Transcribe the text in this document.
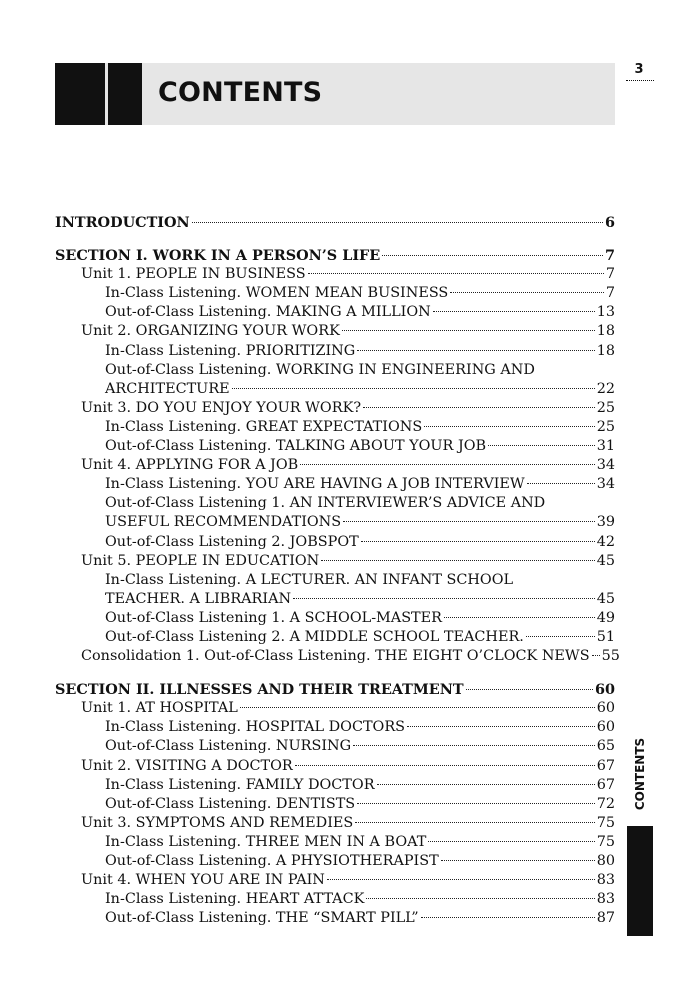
CONTENTS
3
CONTENTS
INTRODUCTION	6
SECTION I. WORK IN A PERSON’S LIFE	7
Unit 1. PEOPLE IN BUSINESS	7
In-Class Listening. WOMEN MEAN BUSINESS	7
Out-of-Class Listening. MAKING A MILLION	13
Unit 2. ORGANIZING YOUR WORK	18
In-Class Listening. PRIORITIZING	18
Out-of-Class Listening. WORKING IN ENGINEERING AND
ARCHITECTURE	22
Unit 3. DO YOU ENJOY YOUR WORK?	25
In-Class Listening. GREAT EXPECTATIONS	25
Out-of-Class Listening. TALKING ABOUT YOUR JOB	31
Unit 4. APPLYING FOR A JOB	34
In-Class Listening. YOU ARE HAVING A JOB INTERVIEW	34
Out-of-Class Listening 1. AN INTERVIEWER’S ADVICE AND
USEFUL RECOMMENDATIONS	39
Out-of-Class Listening 2. JOBSPOT	42
Unit 5. PEOPLE IN EDUCATION	45
In-Class Listening. A LECTURER. AN INFANT SCHOOL
TEACHER. A LIBRARIAN	45
Out-of-Class Listening 1. A SCHOOL-MASTER	49
Out-of-Class Listening 2. A MIDDLE SCHOOL TEACHER.	51
Consolidation 1. Out-of-Class Listening. THE EIGHT O’CLOCK NEWS 55
SECTION II. ILLNESSES AND THEIR TREATMENT	60
Unit 1. AT HOSPITAL	60
In-Class Listening. HOSPITAL DOCTORS	60
Out-of-Class Listening. NURSING	65
Unit 2. VISITING A DOCTOR	67
In-Class Listening. FAMILY DOCTOR	67
Out-of-Class Listening. DENTISTS	72
Unit 3. SYMPTOMS AND REMEDIES	75
In-Class Listening. THREE MEN IN A BOAT	75
Out-of-Class Listening. A PHYSIOTHERAPIST	80
Unit 4. WHEN YOU ARE IN PAIN	83
In-Class Listening. HEART ATTACK	83
Out-of-Class Listening. THE “SMART PILL”	87
